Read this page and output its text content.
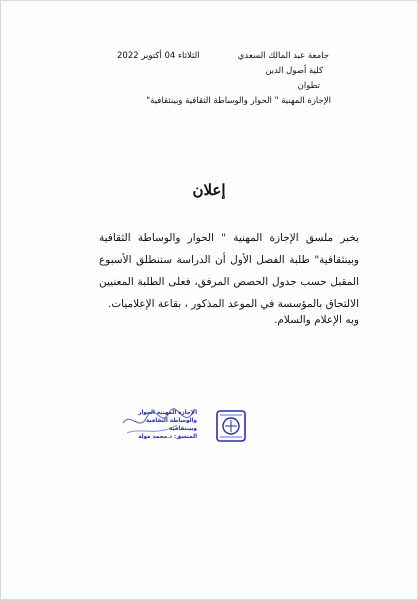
جامعة عبد المالك السعدي
كلية أصول الدين
تطوان
الإجازة المهنية " الحوار والوساطة الثقافية وبينثقافية"
الثلاثاء 04 أكتوبر 2022
إعلان
يخبر ملسق الإجازة المهنية " الحوار والوساطة الثقافية وبينثقافية" طلبة الفصل الأول أن الدراسة ستنطلق الأسبوع المقبل حسب جدول الحصص المرفق، فعلى الطلبة المعنيين الالتحاق بالمؤسسة في الموعد المذكور ، بقاعة الإعلاميات.
وبه الإعلام والسلام.
الإجازة المهنية الحوار
والوساطة الثقافية وبينثقافية
المنسق: د.محمد مولة
